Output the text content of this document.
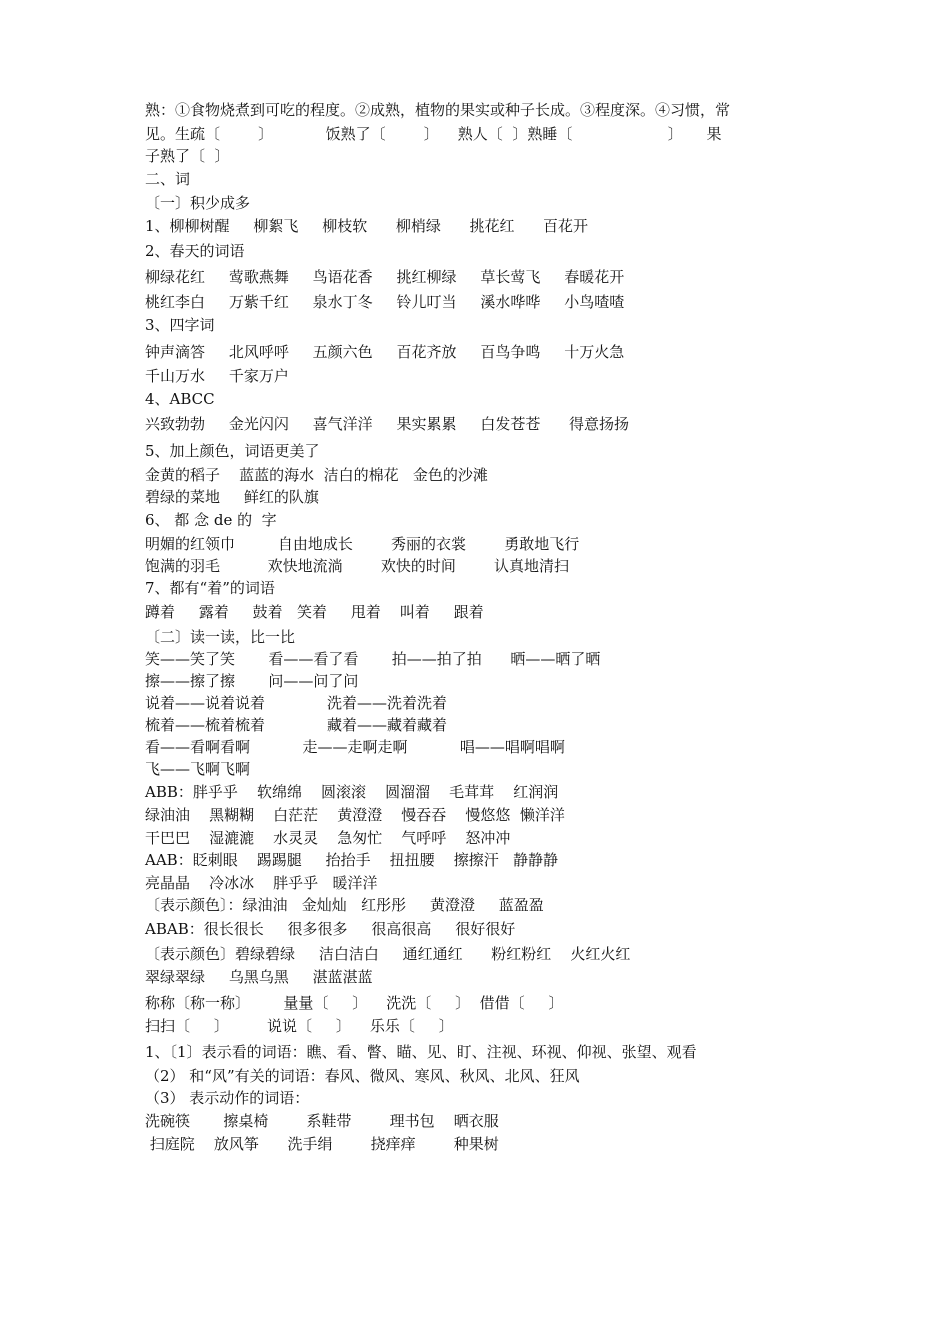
熟：①食物烧煮到可吃的程度。②成熟，植物的果实或种子长成。③程度深。④习惯，常
见。生疏〔        〕           饭熟了〔        〕    熟人〔  〕熟睡〔                    〕     果
子熟了〔  〕
二、词
〔一〕积少成多
1、柳柳树醒     柳絮飞     柳枝软      柳梢绿      挑花红      百花开
2、春天的词语
柳绿花红     莺歌燕舞     鸟语花香     挑红柳绿     草长莺飞     春暖花开
桃红李白     万紫千红     泉水丁冬     铃儿叮当     溪水哗哗     小鸟喳喳
3、四字词
钟声滴答     北风呼呼     五颜六色     百花齐放     百鸟争鸣     十万火急
千山万水     千家万户
4、ABCC
兴致勃勃     金光闪闪     喜气洋洋     果实累累     白发苍苍      得意扬扬
5、加上颜色，词语更美了
金黄的稻子    蓝蓝的海水  洁白的棉花   金色的沙滩
碧绿的菜地     鲜红的队旗
6、 都 念 de 的  字
明媚的红领巾         自由地成长        秀丽的衣裳        勇敢地飞行
饱满的羽毛          欢快地流淌        欢快的时间        认真地清扫
7、都有“着”的词语
蹲着     露着     鼓着   笑着     甩着    叫着     跟着
〔二〕读一读，比一比
笑——笑了笑       看——看了看       拍——拍了拍      晒——晒了晒
擦——擦了擦       问——问了问
说着——说着说着             洗着——洗着洗着
梳着——梳着梳着             藏着——藏着藏着
看——看啊看啊           走——走啊走啊           唱——唱啊唱啊
飞——飞啊飞啊
ABB：胖乎乎    软绵绵    圆滚滚    圆溜溜    毛茸茸    红润润
绿油油    黑糊糊    白茫茫    黄澄澄    慢吞吞    慢悠悠  懒洋洋
干巴巴    湿漉漉    水灵灵    急匆忙    气呼呼    怒冲冲
AAB：眨刺眼    踢踢腿     抬抬手    扭扭腰    擦擦汗   静静静
亮晶晶    冷冰冰    胖乎乎   暖洋洋
〔表示颜色〕：绿油油   金灿灿   红彤彤     黄澄澄     蓝盈盈
ABAB：很长很长     很多很多     很高很高     很好很好
〔表示颜色〕碧绿碧绿     洁白洁白     通红通红      粉红粉红    火红火红
翠绿翠绿     乌黑乌黑     湛蓝湛蓝
称称〔称一称〕       量量〔     〕    洗洗〔     〕  借借〔     〕
扫扫〔     〕        说说〔     〕    乐乐〔     〕
1、〔1〕表示看的词语：瞧、看、瞥、瞄、见、盯、注视、环视、仰视、张望、观看
（2） 和“风”有关的词语：春风、微风、寒风、秋风、北风、狂风
（3） 表示动作的词语：
洗碗筷       擦桌椅        系鞋带        理书包    晒衣服
扫庭院    放风筝      洗手绢        挠痒痒        种果树
